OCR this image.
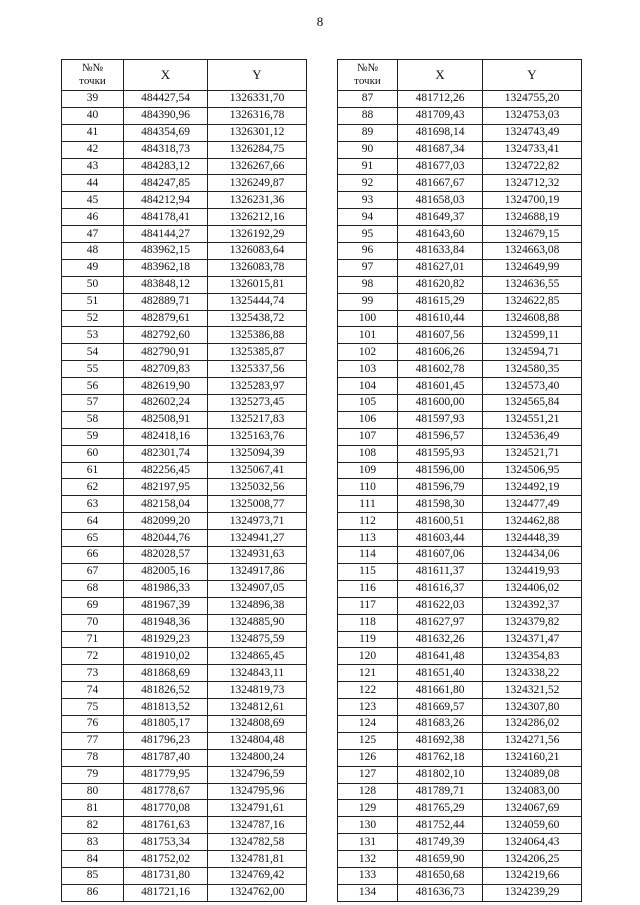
8
№№
точки	X	Y
39	484427,54	1326331,70
40	484390,96	1326316,78
41	484354,69	1326301,12
42	484318,73	1326284,75
43	484283,12	1326267,66
44	484247,85	1326249,87
45	484212,94	1326231,36
46	484178,41	1326212,16
47	484144,27	1326192,29
48	483962,15	1326083,64
49	483962,18	1326083,78
50	483848,12	1326015,81
51	482889,71	1325444,74
52	482879,61	1325438,72
53	482792,60	1325386,88
54	482790,91	1325385,87
55	482709,83	1325337,56
56	482619,90	1325283,97
57	482602,24	1325273,45
58	482508,91	1325217,83
59	482418,16	1325163,76
60	482301,74	1325094,39
61	482256,45	1325067,41
62	482197,95	1325032,56
63	482158,04	1325008,77
64	482099,20	1324973,71
65	482044,76	1324941,27
66	482028,57	1324931,63
67	482005,16	1324917,86
68	481986,33	1324907,05
69	481967,39	1324896,38
70	481948,36	1324885,90
71	481929,23	1324875,59
72	481910,02	1324865,45
73	481868,69	1324843,11
74	481826,52	1324819,73
75	481813,52	1324812,61
76	481805,17	1324808,69
77	481796,23	1324804,48
78	481787,40	1324800,24
79	481779,95	1324796,59
80	481778,67	1324795,96
81	481770,08	1324791,61
82	481761,63	1324787,16
83	481753,34	1324782,58
84	481752,02	1324781,81
85	481731,80	1324769,42
86	481721,16	1324762,00
№№
точки	X	Y
87	481712,26	1324755,20
88	481709,43	1324753,03
89	481698,14	1324743,49
90	481687,34	1324733,41
91	481677,03	1324722,82
92	481667,67	1324712,32
93	481658,03	1324700,19
94	481649,37	1324688,19
95	481643,60	1324679,15
96	481633,84	1324663,08
97	481627,01	1324649,99
98	481620,82	1324636,55
99	481615,29	1324622,85
100	481610,44	1324608,88
101	481607,56	1324599,11
102	481606,26	1324594,71
103	481602,78	1324580,35
104	481601,45	1324573,40
105	481600,00	1324565,84
106	481597,93	1324551,21
107	481596,57	1324536,49
108	481595,93	1324521,71
109	481596,00	1324506,95
110	481596,79	1324492,19
111	481598,30	1324477,49
112	481600,51	1324462,88
113	481603,44	1324448,39
114	481607,06	1324434,06
115	481611,37	1324419,93
116	481616,37	1324406,02
117	481622,03	1324392,37
118	481627,97	1324379,82
119	481632,26	1324371,47
120	481641,48	1324354,83
121	481651,40	1324338,22
122	481661,80	1324321,52
123	481669,57	1324307,80
124	481683,26	1324286,02
125	481692,38	1324271,56
126	481762,18	1324160,21
127	481802,10	1324089,08
128	481789,71	1324083,00
129	481765,29	1324067,69
130	481752,44	1324059,60
131	481749,39	1324064,43
132	481659,90	1324206,25
133	481650,68	1324219,66
134	481636,73	1324239,29
